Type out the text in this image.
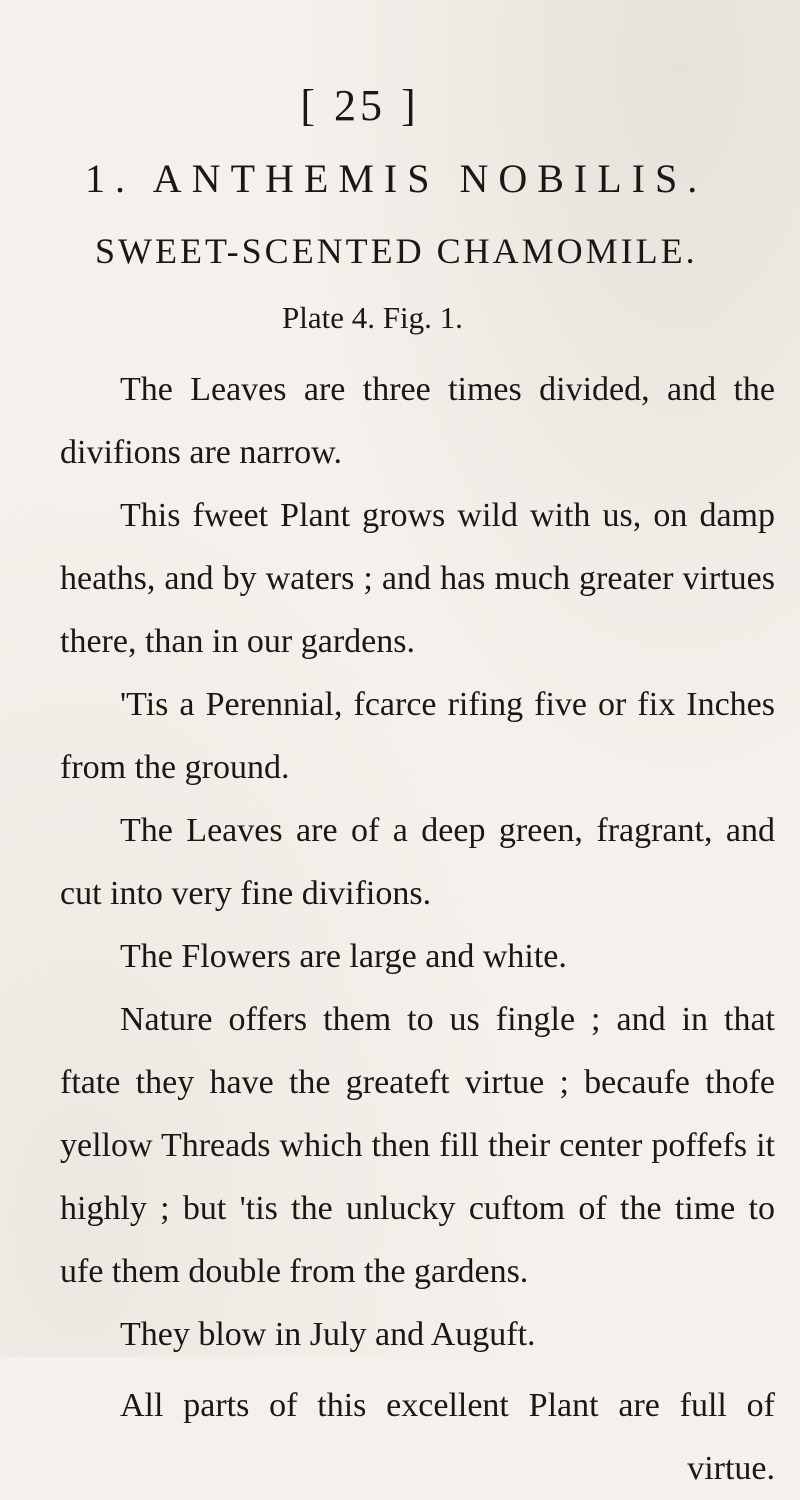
[ 25 ]
1. ANTHEMIS NOBILIS.
SWEET-SCENTED CHAMOMILE.
Plate 4. Fig. 1.

The Leaves are three times divided, and the divifions are narrow.

This fweet Plant grows wild with us, on damp heaths, and by waters ; and has much greater virtues there, than in our gardens.

'Tis a Perennial, fcarce rifing five or fix Inches from the ground.

The Leaves are of a deep green, fragrant, and cut into very fine divifions.

The Flowers are large and white.

Nature offers them to us fingle ; and in that ftate they have the greateft virtue ; becaufe thofe yellow Threads which then fill their center poffefs it highly ; but 'tis the unlucky cuftom of the time to ufe them double from the gardens.

They blow in July and Auguft.

All parts of this excellent Plant are full of virtue.
